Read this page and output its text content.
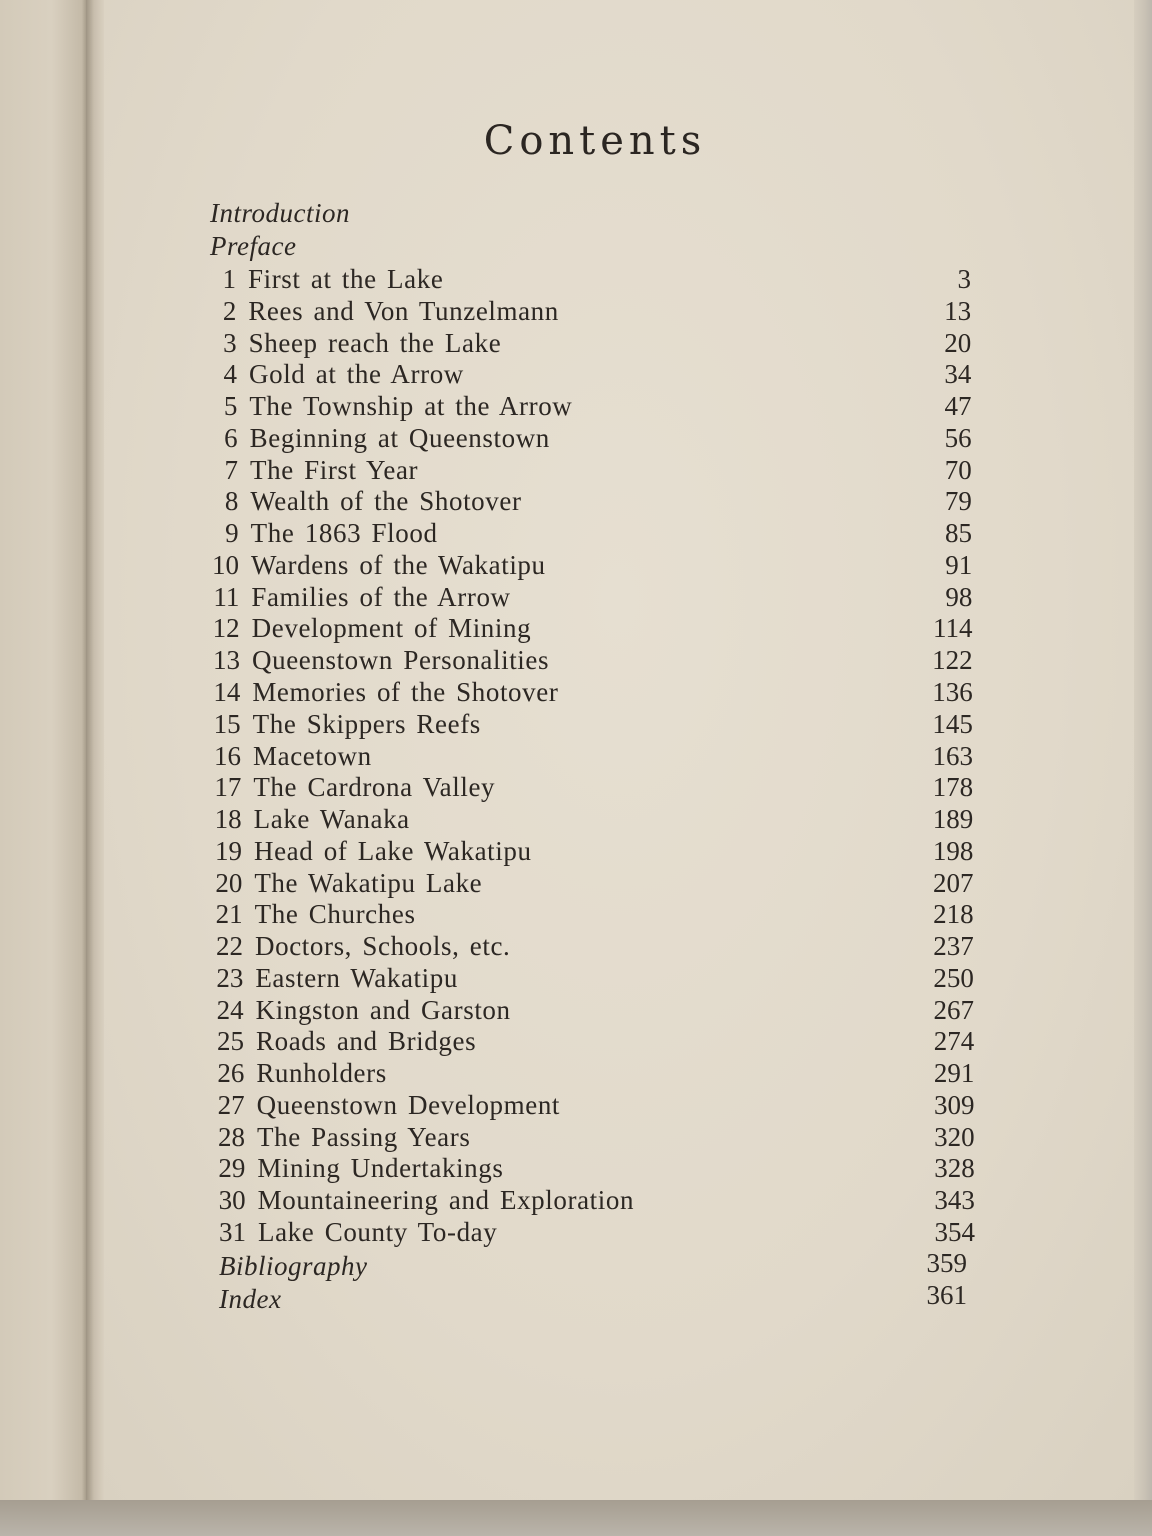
Contents
Introduction
Preface
1 First at the Lake	3
2 Rees and Von Tunzelmann	13
3 Sheep reach the Lake	20
4 Gold at the Arrow	34
5 The Township at the Arrow	47
6 Beginning at Queenstown	56
7 The First Year	70
8 Wealth of the Shotover	79
9 The 1863 Flood	85
10 Wardens of the Wakatipu	91
11 Families of the Arrow	98
12 Development of Mining	114
13 Queenstown Personalities	122
14 Memories of the Shotover	136
15 The Skippers Reefs	145
16 Macetown	163
17 The Cardrona Valley	178
18 Lake Wanaka	189
19 Head of Lake Wakatipu	198
20 The Wakatipu Lake	207
21 The Churches	218
22 Doctors, Schools, etc.	237
23 Eastern Wakatipu	250
24 Kingston and Garston	267
25 Roads and Bridges	274
26 Runholders	291
27 Queenstown Development	309
28 The Passing Years	320
29 Mining Undertakings	328
30 Mountaineering and Exploration	343
31 Lake County To-day	354
Bibliography	359
Index	361
